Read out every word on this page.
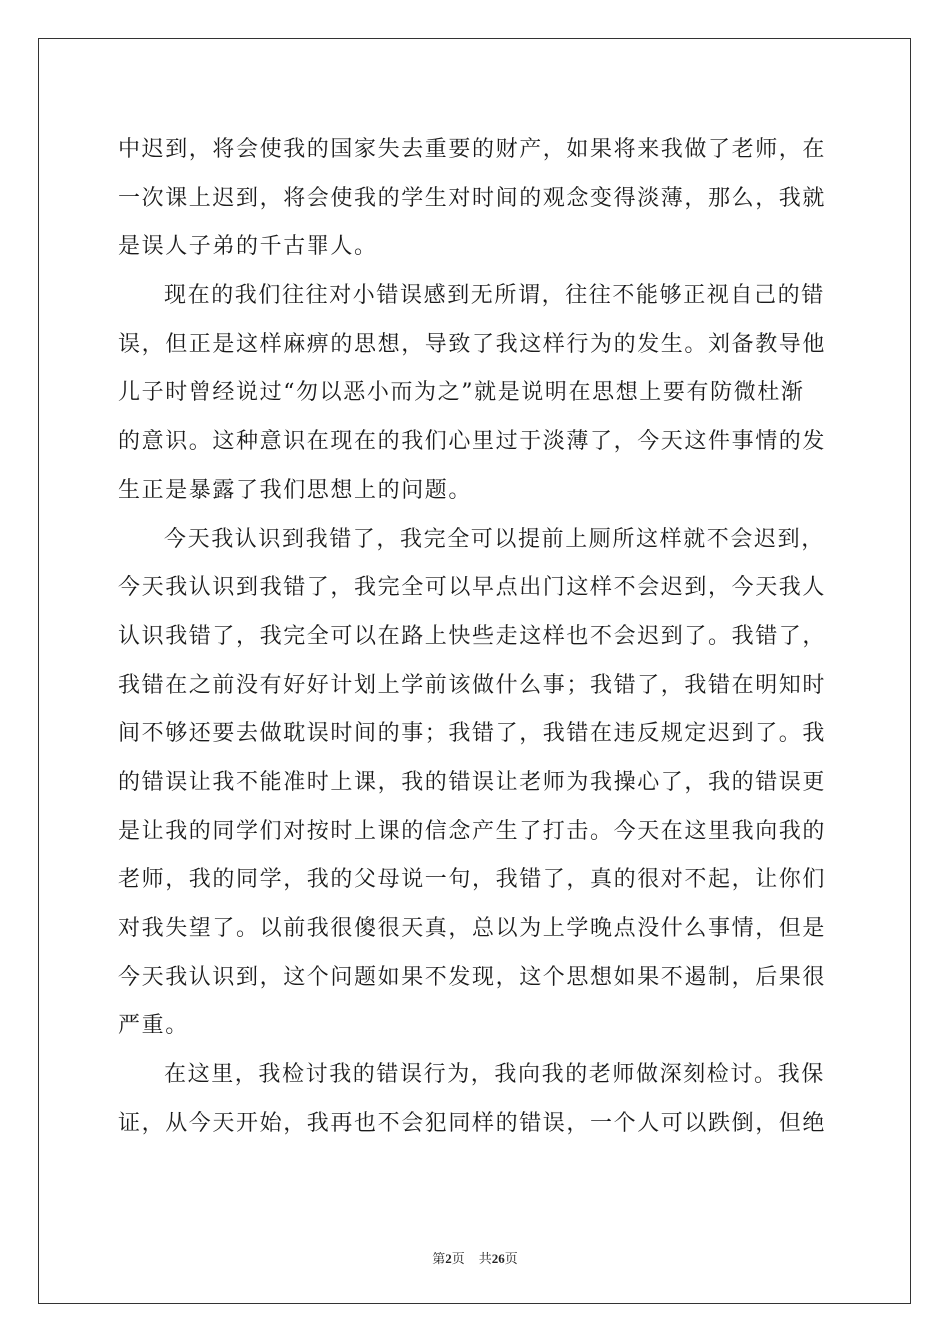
中迟到，将会使我的国家失去重要的财产，如果将来我做了老师，在
一次课上迟到，将会使我的学生对时间的观念变得淡薄，那么，我就
是误人子弟的千古罪人。
现在的我们往往对小错误感到无所谓，往往不能够正视自己的错
误，但正是这样麻痹的思想，导致了我这样行为的发生。刘备教导他
儿子时曾经说过“勿以恶小而为之”就是说明在思想上要有防微杜渐
的意识。这种意识在现在的我们心里过于淡薄了，今天这件事情的发
生正是暴露了我们思想上的问题。
今天我认识到我错了，我完全可以提前上厕所这样就不会迟到，
今天我认识到我错了，我完全可以早点出门这样不会迟到，今天我人
认识我错了，我完全可以在路上快些走这样也不会迟到了。我错了，
我错在之前没有好好计划上学前该做什么事；我错了，我错在明知时
间不够还要去做耽误时间的事；我错了，我错在违反规定迟到了。我
的错误让我不能准时上课，我的错误让老师为我操心了，我的错误更
是让我的同学们对按时上课的信念产生了打击。今天在这里我向我的
老师，我的同学，我的父母说一句，我错了，真的很对不起，让你们
对我失望了。以前我很傻很天真，总以为上学晚点没什么事情，但是
今天我认识到，这个问题如果不发现，这个思想如果不遏制，后果很
严重。
在这里，我检讨我的错误行为，我向我的老师做深刻检讨。我保
证，从今天开始，我再也不会犯同样的错误，一个人可以跌倒，但绝
第2页 共26页
